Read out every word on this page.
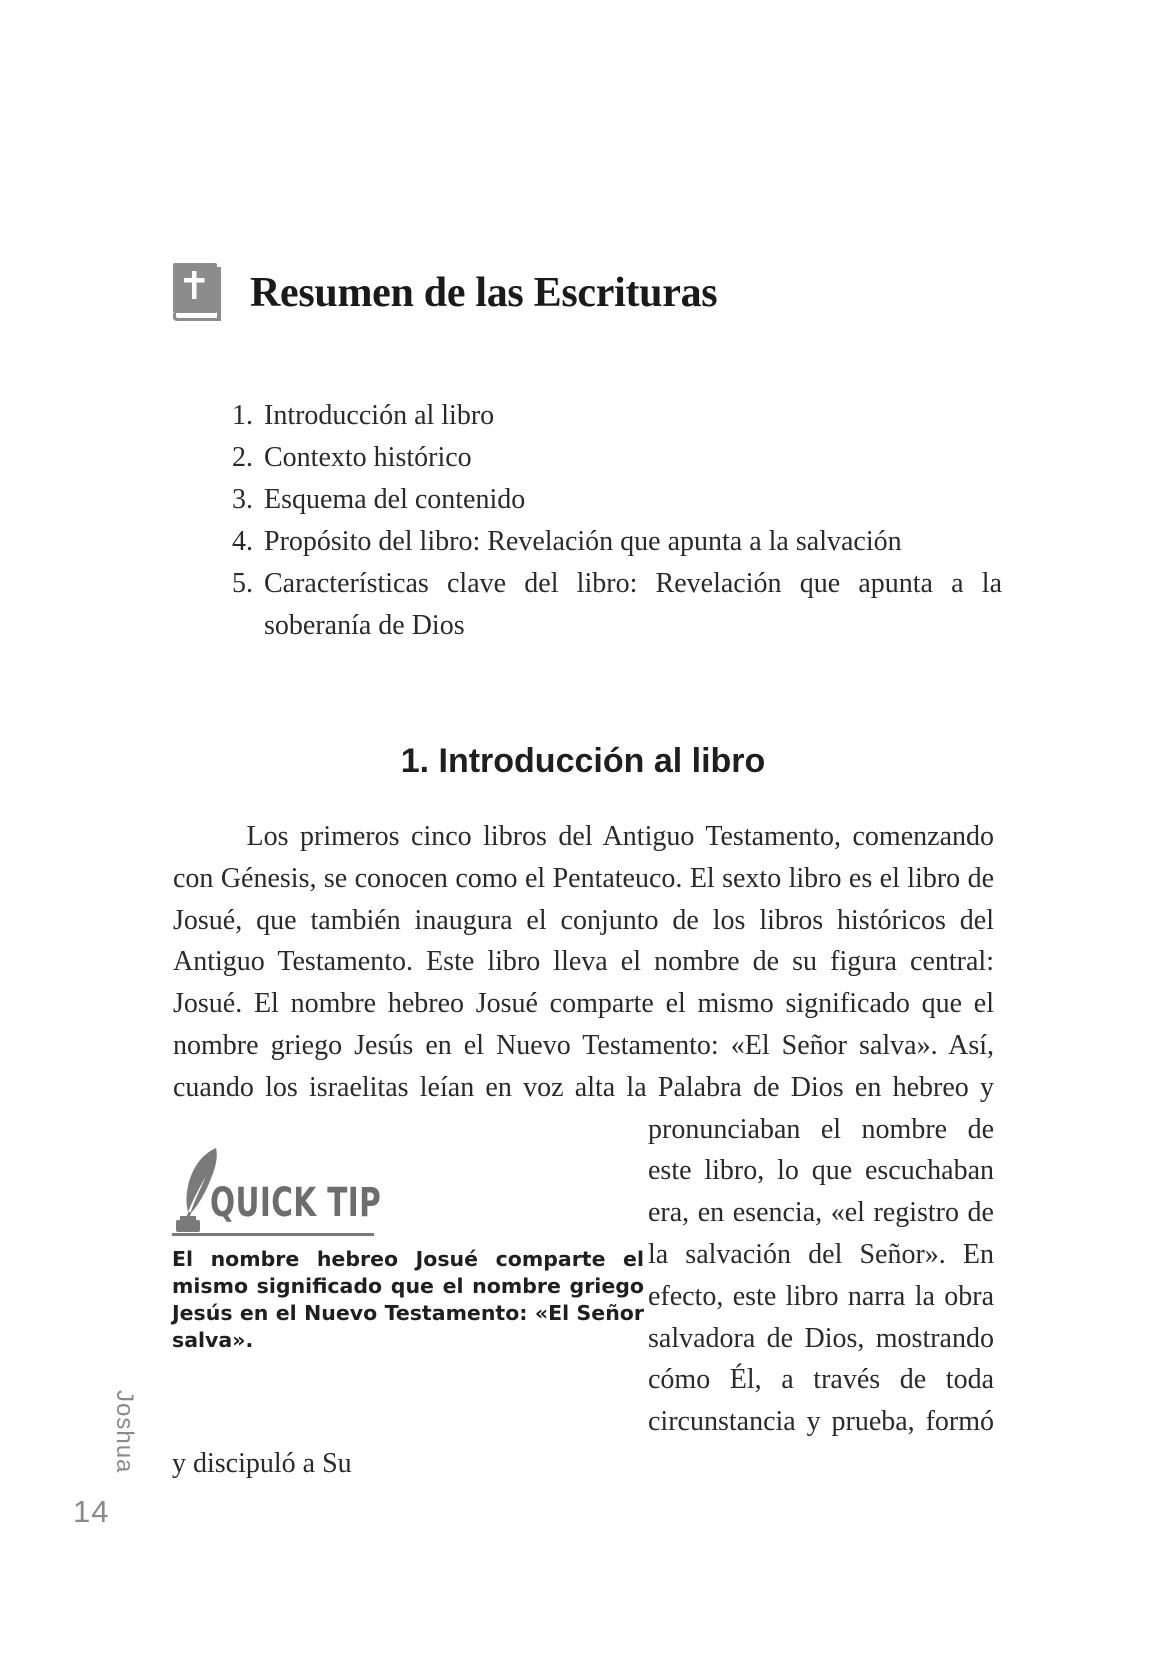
Resumen de las Escrituras
1. Introducción al libro
2. Contexto histórico
3. Esquema del contenido
4. Propósito del libro: Revelación que apunta a la salvación
5. Características clave del libro: Revelación que apunta a la soberanía de Dios
1. Introducción al libro

QUICK TIP

El nombre hebreo Josué comparte el mismo significado que el nombre griego Jesús en el Nuevo Testamento: «El Señor salva».

Los primeros cinco libros del Antiguo Testamento, comenzando con Génesis, se conocen como el Pentateuco. El sexto libro es el libro de Josué, que también inaugura el conjunto de los libros históricos del Antiguo Testamento. Este libro lleva el nombre de su figura central: Josué. El nombre hebreo Josué comparte el mismo significado que el nombre griego Jesús en el Nuevo Testamento: «El Señor salva». Así, cuando los israelitas leían en voz alta la Palabra de Dios en hebreo y pronunciaban el nombre de este libro, lo que escuchaban era, en esencia, «el registro de la salvación del Señor». En efecto, este libro narra la obra salvadora de Dios, mostrando cómo Él, a través de toda circunstancia y prueba, formó y discipuló a Su
Joshua
14
